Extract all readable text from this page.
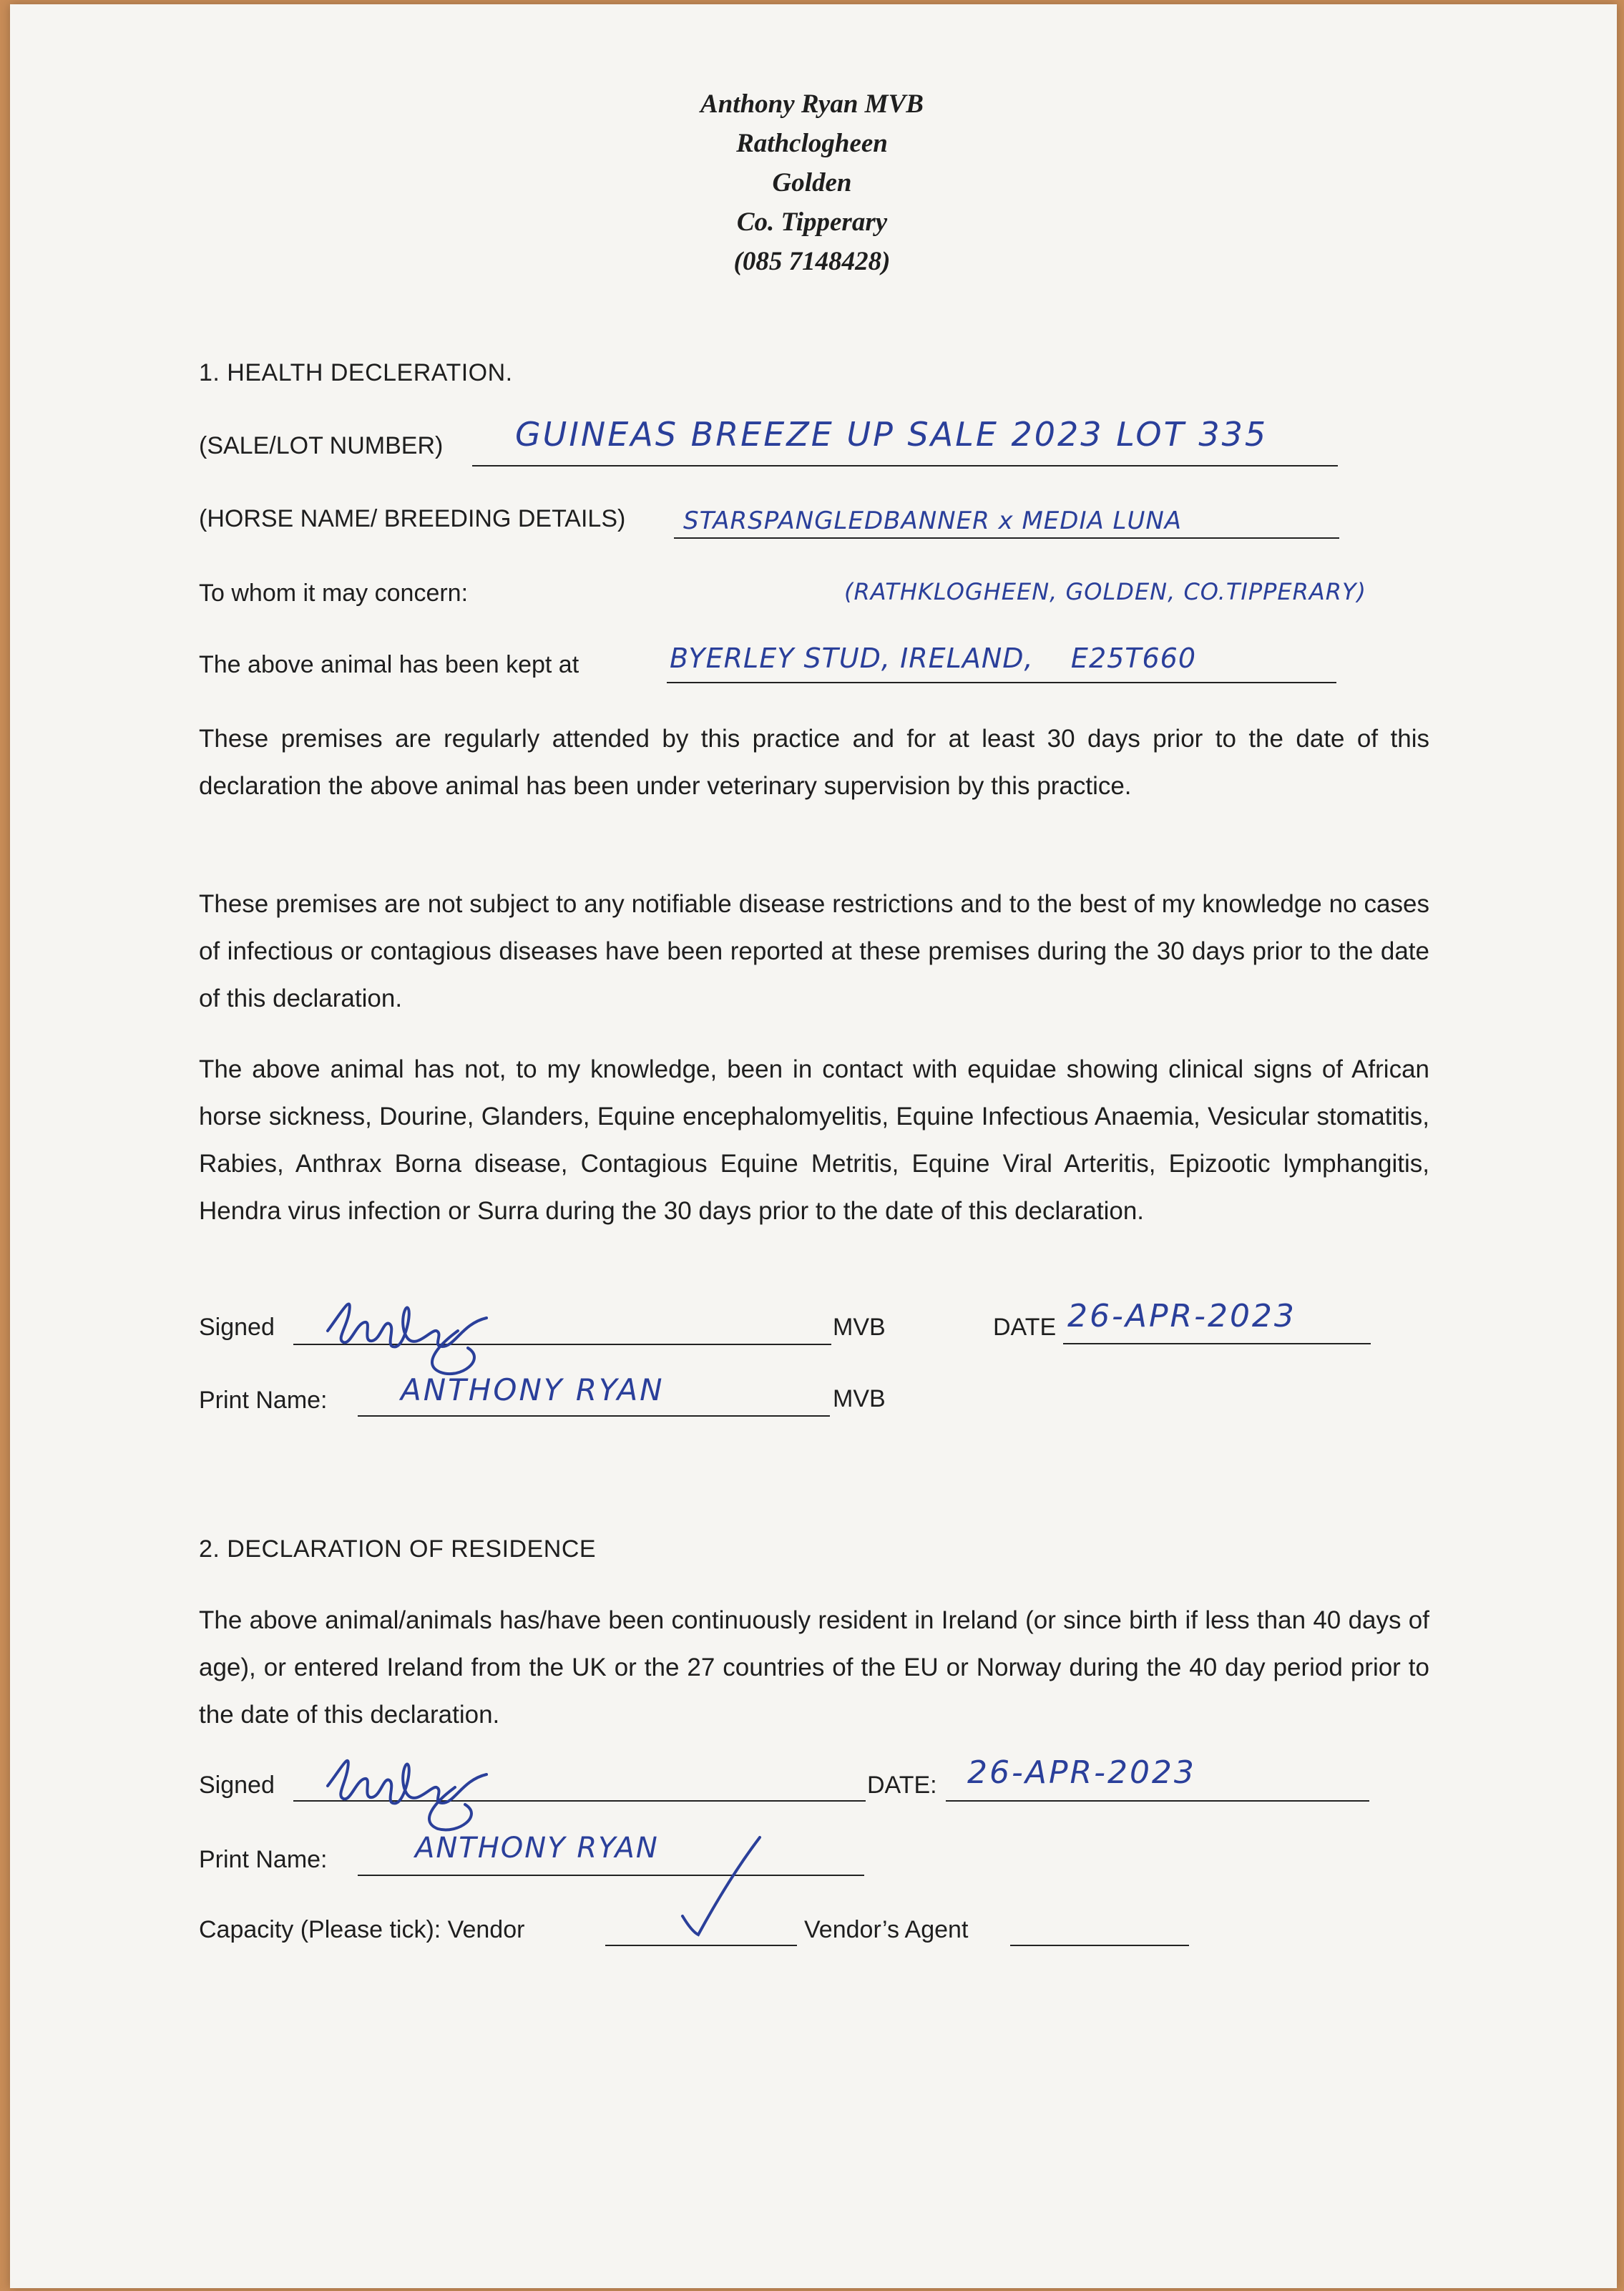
Anthony Ryan MVB
Rathclogheen
Golden
Co. Tipperary
(085 7148428)
1. HEALTH DECLERATION.
(SALE/LOT NUMBER) GUINEAS BREEZE UP SALE 2023 LOT 335
(HORSE NAME/ BREEDING DETAILS) STARSPANGLEDBANNER x MEDIA LUNA
To whom it may concern:	(RATHKLOGHEEN, GOLDEN, CO.TIPPERARY)
The above animal has been kept at	BYERLEY STUD, IRELAND,    E25T660
These premises are regularly attended by this practice and for at least 30 days prior to the date of this declaration the above animal has been under veterinary supervision by this practice.
These premises are not subject to any notifiable disease restrictions and to the best of my knowledge no cases of infectious or contagious diseases have been reported at these premises during the 30 days prior to the date of this declaration.
The above animal has not, to my knowledge, been in contact with equidae showing clinical signs of African horse sickness, Dourine, Glanders, Equine encephalomyelitis, Equine Infectious Anaemia, Vesicular stomatitis, Rabies, Anthrax Borna disease, Contagious Equine Metritis, Equine Viral Arteritis, Epizootic lymphangitis, Hendra virus infection or Surra during the 30 days prior to the date of this declaration.
Signed	MVB	DATE 26-APR-2023
Print Name: ANTHONY RYAN	MVB
2. DECLARATION OF RESIDENCE
The above animal/animals has/have been continuously resident in Ireland (or since birth if less than 40 days of age), or entered Ireland from the UK or the 27 countries of the EU or Norway during the 40 day period prior to the date of this declaration.
Signed	DATE: 26-APR-2023
Print Name:	ANTHONY RYAN
Capacity (Please tick): Vendor	Vendor’s Agent
